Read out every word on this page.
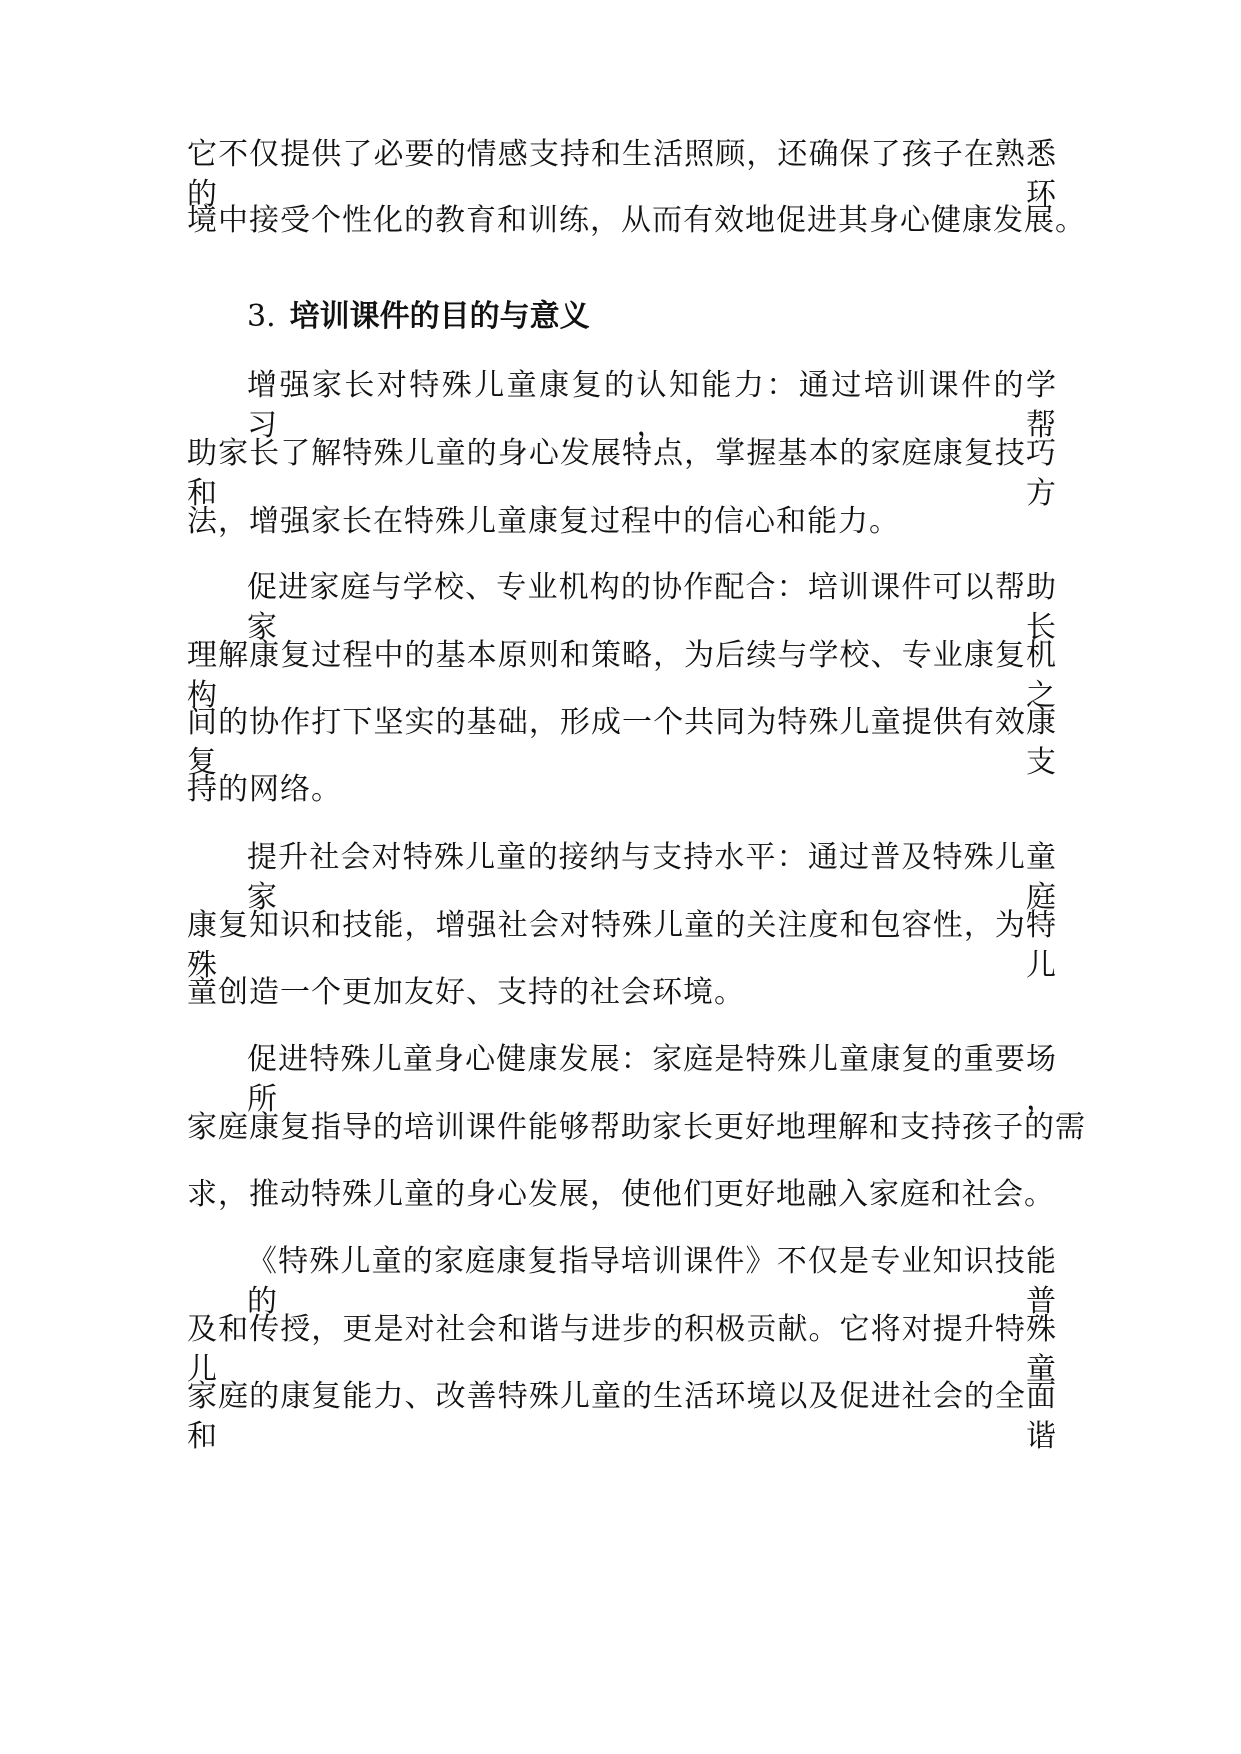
它不仅提供了必要的情感支持和生活照顾，还确保了孩子在熟悉的环
境中接受个性化的教育和训练，从而有效地促进其身心健康发展。
3. 培训课件的目的与意义
增强家长对特殊儿童康复的认知能力：通过培训课件的学习，帮
助家长了解特殊儿童的身心发展特点，掌握基本的家庭康复技巧和方
法，增强家长在特殊儿童康复过程中的信心和能力。
促进家庭与学校、专业机构的协作配合：培训课件可以帮助家长
理解康复过程中的基本原则和策略，为后续与学校、专业康复机构之
间的协作打下坚实的基础，形成一个共同为特殊儿童提供有效康复支
持的网络。
提升社会对特殊儿童的接纳与支持水平：通过普及特殊儿童家庭
康复知识和技能，增强社会对特殊儿童的关注度和包容性，为特殊儿
童创造一个更加友好、支持的社会环境。
促进特殊儿童身心健康发展：家庭是特殊儿童康复的重要场所，
家庭康复指导的培训课件能够帮助家长更好地理解和支持孩子的需
求，推动特殊儿童的身心发展，使他们更好地融入家庭和社会。
《特殊儿童的家庭康复指导培训课件》不仅是专业知识技能的普
及和传授，更是对社会和谐与进步的积极贡献。它将对提升特殊儿童
家庭的康复能力、改善特殊儿童的生活环境以及促进社会的全面和谐
